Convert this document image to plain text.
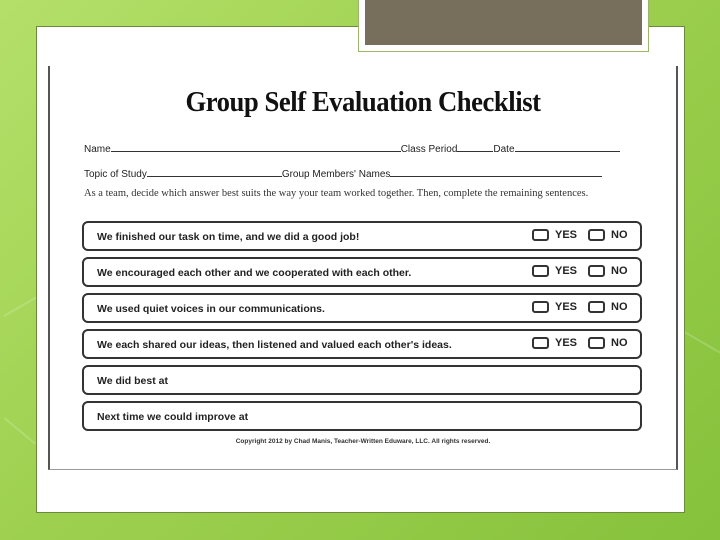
Group Self Evaluation Checklist
Name	Class Period	Date
Topic of Study	Group Members' Names
As a team, decide which answer best suits the way your team worked together. Then, complete the remaining sentences.
We finished our task on time, and we did a good job!	YES	NO
We encouraged each other and we cooperated with each other.	YES	NO
We used quiet voices in our communications.	YES	NO
We each shared our ideas, then listened and valued each other's ideas.	YES	NO
We did best at
Next time we could improve at
Copyright 2012 by Chad Manis, Teacher-Written Eduware, LLC. All rights reserved.
